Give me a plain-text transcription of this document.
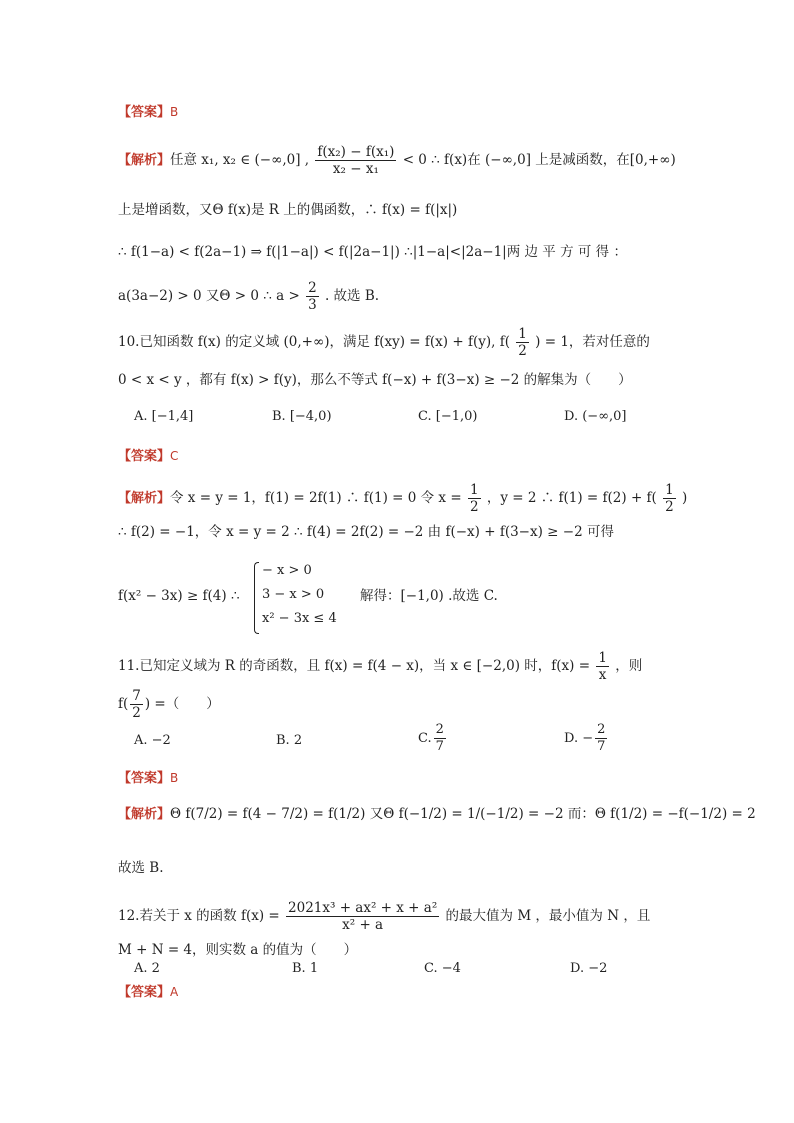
【答案】B
【解析】任意 x₁, x₂ ∈ (−∞,0] , $\frac{\text{f(x₂) − f(x₁)}}{\text{x₂ − x₁}} < 0$ ∴ f(x)在 (−∞,0] 上是减函数，在[0,+∞)
上是增函数，又Θ f(x)是 R 上的偶函数，∴ f(x) = f(|x|)
∴ f(1−a) < f(2a−1) ⇒ f(|1−a|) < f(|2a−1|) ∴|1−a|<|2a−1|两 边 平 方 可 得 ：
a(3a−2) > 0 又Θ > 0 ∴ $a > \frac{2}{3}$ . 故选 B.
10.已知函数 f(x) 的定义域 (0,+∞)，满足 f(xy) = f(x) + f(y), $f( \frac{1}{2}$ ) = 1，若对任意的
0 < x < y ，都有 f(x) > f(y)，那么不等式 f(−x) + f(3−x) ≥ −2 的解集为（　　）
A. [−1,4]	B. [−4,0)	C. [−1,0)	D. (−∞,0]
【答案】C
【解析】令 x = y = 1，f(1) = 2f(1) ∴ f(1) = 0 令 $x = \frac{1}{2}$ ，y = 2 ∴ $f(1) = f(2) + f( \frac{1}{2}$ )
∴ f(2) = −1，令 x = y = 2 ∴ f(4) = 2f(2) = −2 由 f(−x) + f(3−x) ≥ −2 可得
f(x² − 3x) ≥ f(4) ∴
− x > 0
3 − x > 0
x² − 3x ≤ 4
解得：[−1,0) .故选 C.
11.已知定义域为 R 的奇函数，且 f(x) = f(4 − x)，当 x ∈ [−2,0) 时，$f(x) = \frac{1}{x}$ ，则
$f( \frac{7}{2}$ ) =（　　）
A. −2	B. 2	C. $\frac{2}{7}$	D. − $\frac{2}{7}$
【答案】B
【解析】Θ f(7/2) = f(4 − 7/2) = f(1/2) 又Θ f(−1/2) = 1/(−1/2) = −2 而：Θ f(1/2) = −f(−1/2) = 2
故选 B.
12.若关于 x 的函数 $f(x) = \frac{\text{2021x³ + ax² + x + a²}}{\text{x² + a}}$ 的最大值为 M ，最小值为 N ，且
M + N = 4，则实数 a 的值为（　　）
A. 2	B. 1	C. −4	D. −2
【答案】A
